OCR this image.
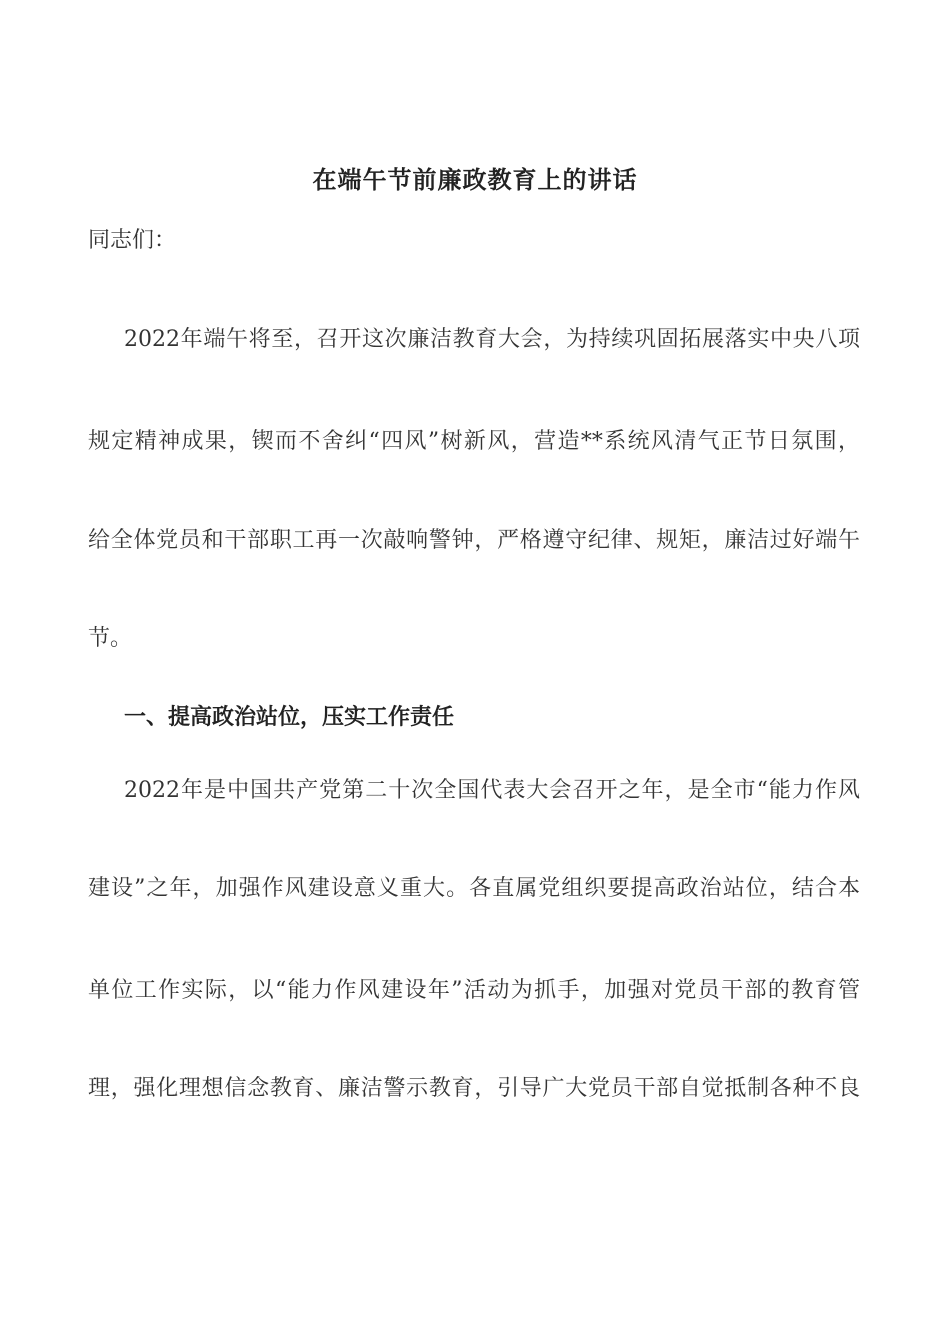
在端午节前廉政教育上的讲话
同志们：
2022年端午将至，召开这次廉洁教育大会，为持续巩固拓展落实中央八项
规定精神成果，锲而不舍纠“四风”树新风，营造**系统风清气正节日氛围，
给全体党员和干部职工再一次敲响警钟，严格遵守纪律、规矩，廉洁过好端午
节。
一、提高政治站位，压实工作责任
2022年是中国共产党第二十次全国代表大会召开之年，是全市“能力作风
建设”之年，加强作风建设意义重大。各直属党组织要提高政治站位，结合本
单位工作实际，以“能力作风建设年”活动为抓手，加强对党员干部的教育管
理，强化理想信念教育、廉洁警示教育，引导广大党员干部自觉抵制各种不良
